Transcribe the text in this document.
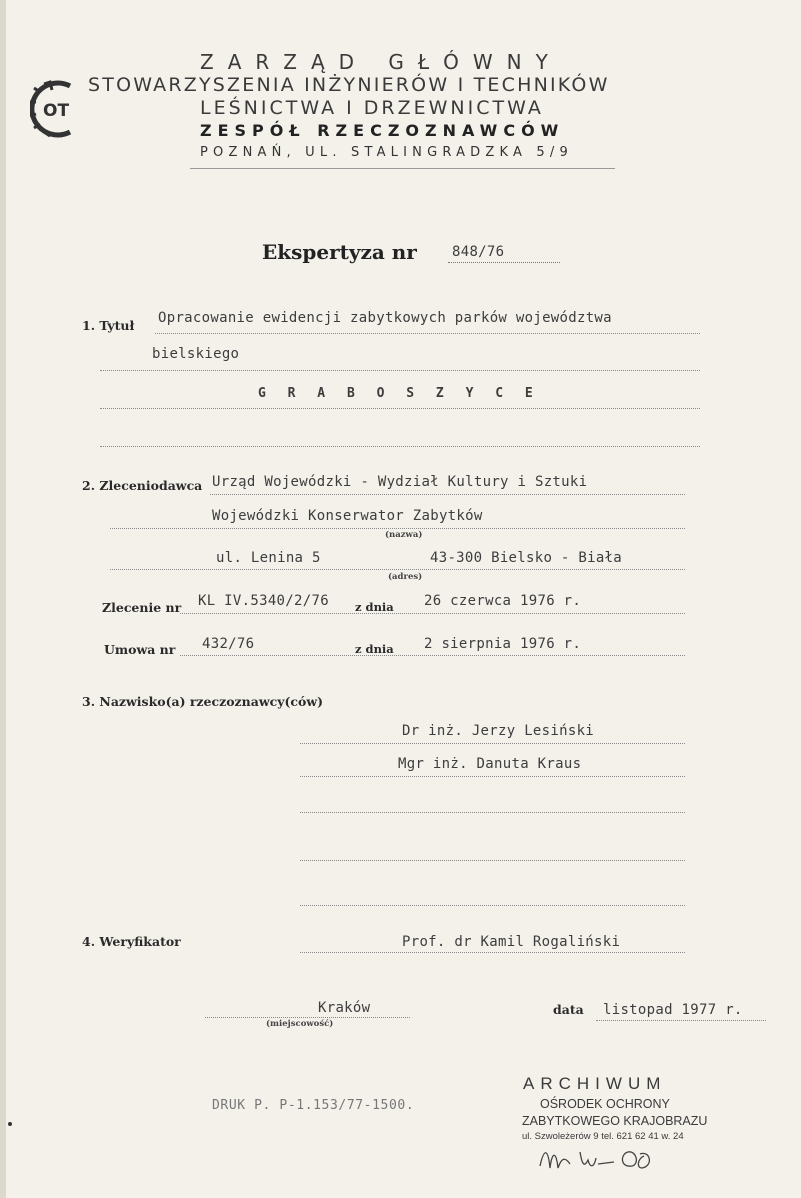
OT
ZARZĄD GŁÓWNY
STOWARZYSZENIA INŻYNIERÓW I TECHNIKÓW
LEŚNICTWA I DRZEWNICTWA
ZESPÓŁ RZECZOZNAWCÓW
POZNAŃ, UL. STALINGRADZKA 5/9
Ekspertyza nr	848/76
1. Tytuł Opracowanie ewidencji zabytkowych parków województwa
bielskiego
G R A B O S Z Y C E
2. Zleceniodawca Urząd Wojewódzki - Wydział Kultury i Sztuki
Wojewódzki Konserwator Zabytków
(nazwa)
ul. Lenina 5	43-300 Bielsko - Biała
(adres)
Zlecenie nr KL IV.5340/2/76 z dnia 26 czerwca 1976 r.
Umowa nr 432/76	z dnia 2 sierpnia 1976 r.
3. Nazwisko(a) rzeczoznawcy(ców)
Dr inż. Jerzy Lesiński
Mgr inż. Danuta Kraus
4. Weryfikator	Prof. dr Kamil Rogaliński
Kraków
(miejscowość)
data listopad 1977 r.
DRUK P. P-1.153/77-1500.
ARCHIWUM
OŚRODEK OCHRONY
ZABYTKOWEGO KRAJOBRAZU
ul. Szwoleżerów 9 tel. 621 62 41 w. 24
